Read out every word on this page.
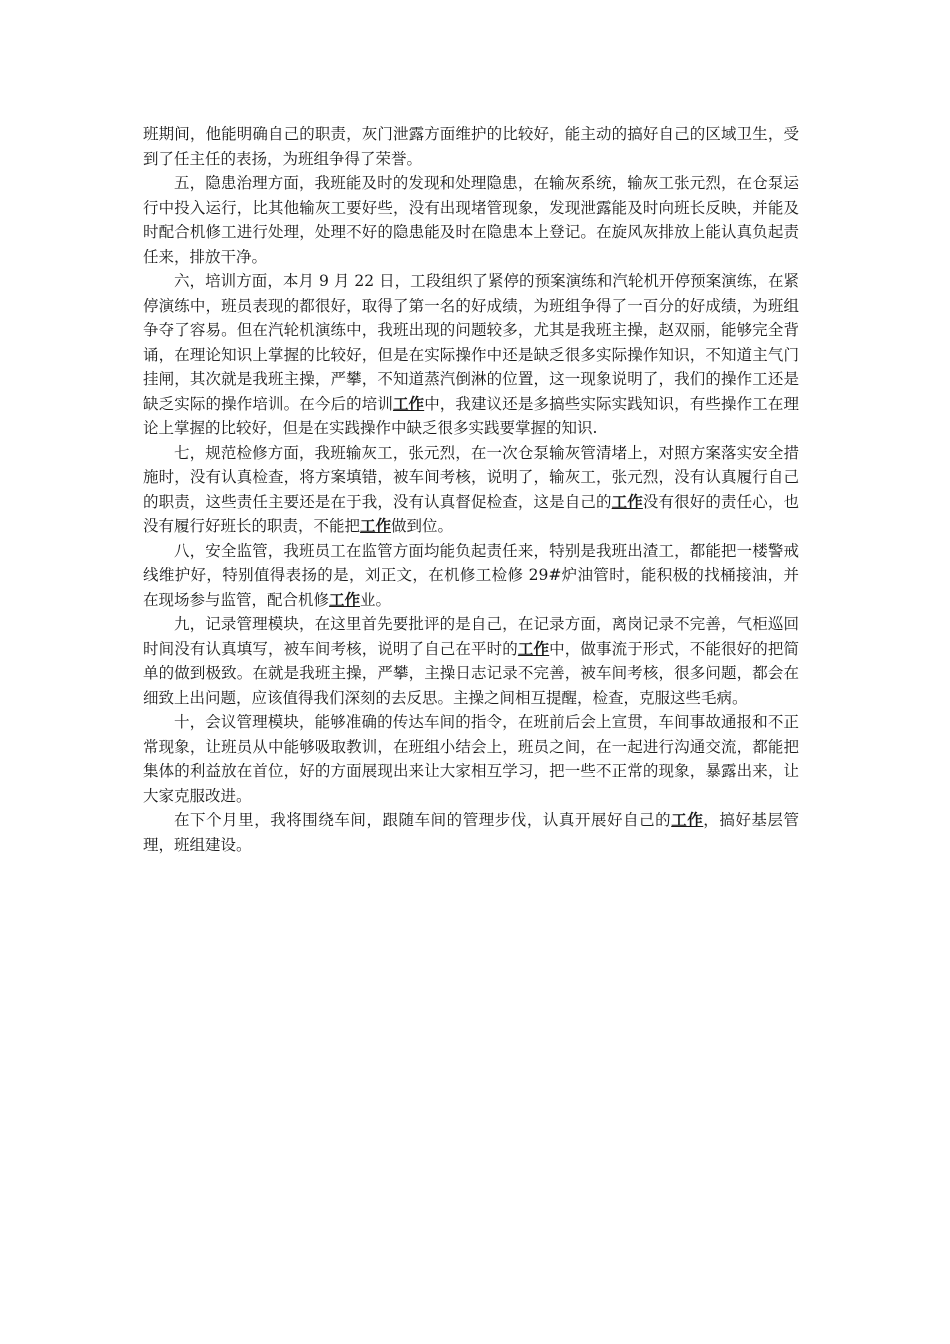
班期间，他能明确自己的职责，灰门泄露方面维护的比较好，能主动的搞好自己的区域卫生，受到了任主任的表扬，为班组争得了荣誉。

五，隐患治理方面，我班能及时的发现和处理隐患，在输灰系统，输灰工张元烈，在仓泵运行中投入运行，比其他输灰工要好些，没有出现堵管现象，发现泄露能及时向班长反映，并能及时配合机修工进行处理，处理不好的隐患能及时在隐患本上登记。在旋风灰排放上能认真负起责任来，排放干净。

六，培训方面，本月 9 月 22 日，工段组织了紧停的预案演练和汽轮机开停预案演练，在紧停演练中，班员表现的都很好，取得了第一名的好成绩，为班组争得了一百分的好成绩，为班组争夺了容易。但在汽轮机演练中，我班出现的问题较多，尤其是我班主操，赵双丽，能够完全背诵，在理论知识上掌握的比较好，但是在实际操作中还是缺乏很多实际操作知识，不知道主气门挂闸，其次就是我班主操，严攀，不知道蒸汽倒淋的位置，这一现象说明了，我们的操作工还是缺乏实际的操作培训。在今后的培训工作中，我建议还是多搞些实际实践知识，有些操作工在理论上掌握的比较好，但是在实践操作中缺乏很多实践要掌握的知识.

七，规范检修方面，我班输灰工，张元烈，在一次仓泵输灰管清堵上，对照方案落实安全措施时，没有认真检查，将方案填错，被车间考核，说明了，输灰工，张元烈，没有认真履行自己的职责，这些责任主要还是在于我，没有认真督促检查，这是自己的工作没有很好的责任心，也没有履行好班长的职责，不能把工作做到位。

八，安全监管，我班员工在监管方面均能负起责任来，特别是我班出渣工，都能把一楼警戒线维护好，特别值得表扬的是，刘正文，在机修工检修 29#炉油管时，能积极的找桶接油，并在现场参与监管，配合机修工作业。

九，记录管理模块，在这里首先要批评的是自己，在记录方面，离岗记录不完善，气柜巡回时间没有认真填写，被车间考核，说明了自己在平时的工作中，做事流于形式，不能很好的把简单的做到极致。在就是我班主操，严攀，主操日志记录不完善，被车间考核，很多问题，都会在细致上出问题，应该值得我们深刻的去反思。主操之间相互提醒，检查，克服这些毛病。

十，会议管理模块，能够准确的传达车间的指令，在班前后会上宣贯，车间事故通报和不正常现象，让班员从中能够吸取教训，在班组小结会上，班员之间，在一起进行沟通交流，都能把集体的利益放在首位，好的方面展现出来让大家相互学习，把一些不正常的现象，暴露出来，让大家克服改进。

在下个月里，我将围绕车间，跟随车间的管理步伐，认真开展好自己的工作，搞好基层管理，班组建设。
